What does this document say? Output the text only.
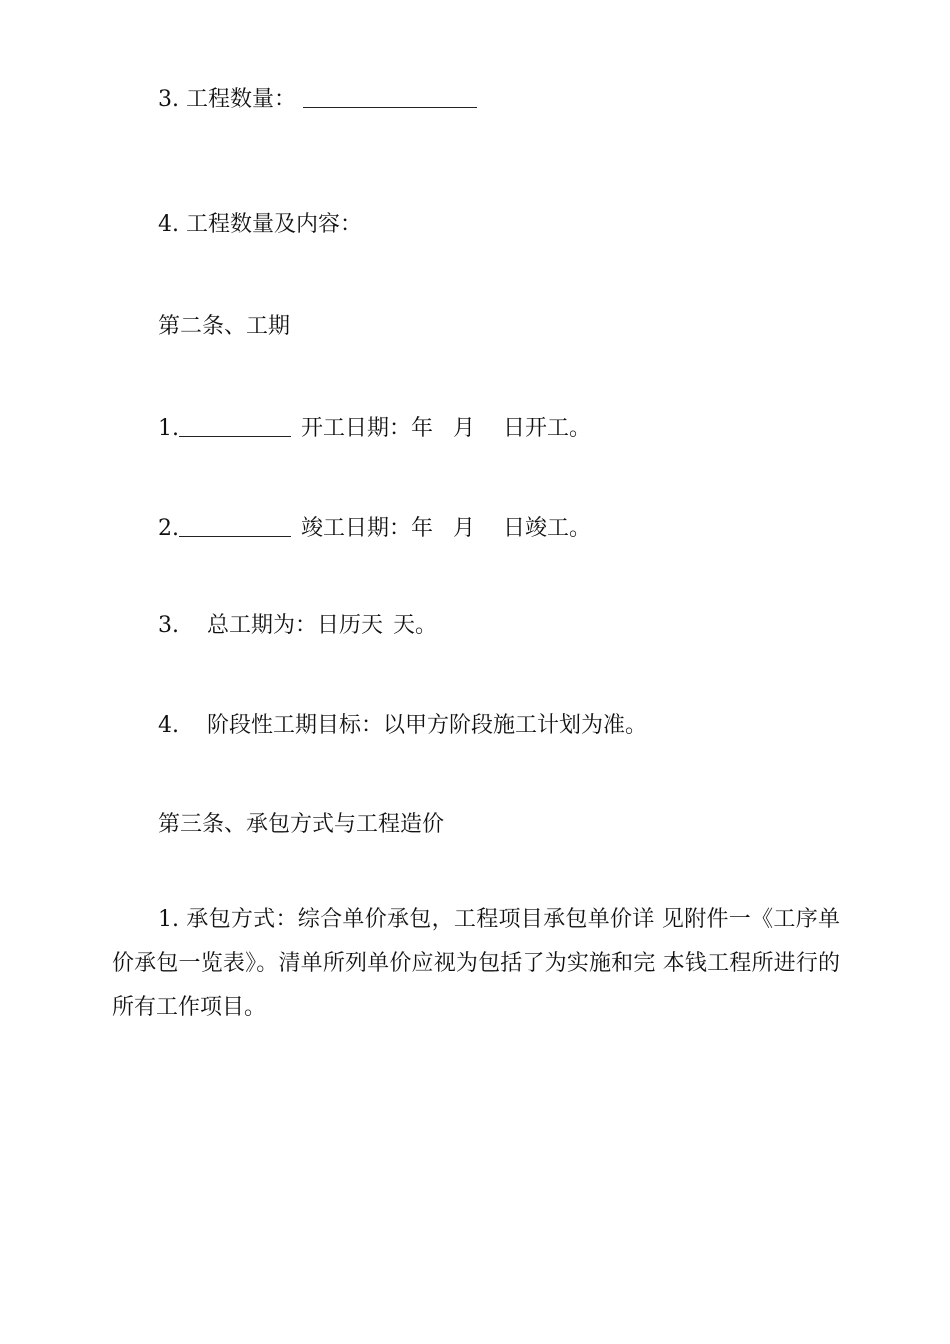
3. 工程数量：
4. 工程数量及内容：
第二条、工期
1.	开工日期：年 月 日开工。
2.	竣工日期：年 月 日竣工。
3. 总工期为：日历天 天。
4. 阶段性工期目标：以甲方阶段施工计划为准。
第三条、承包方式与工程造价
1. 承包方式：综合单价承包，工程项目承包单价详 见附件一《工序单价承包一览表》。清单所列单价应视为包括了为实施和完 本钱工程所进行的所有工作项目。
